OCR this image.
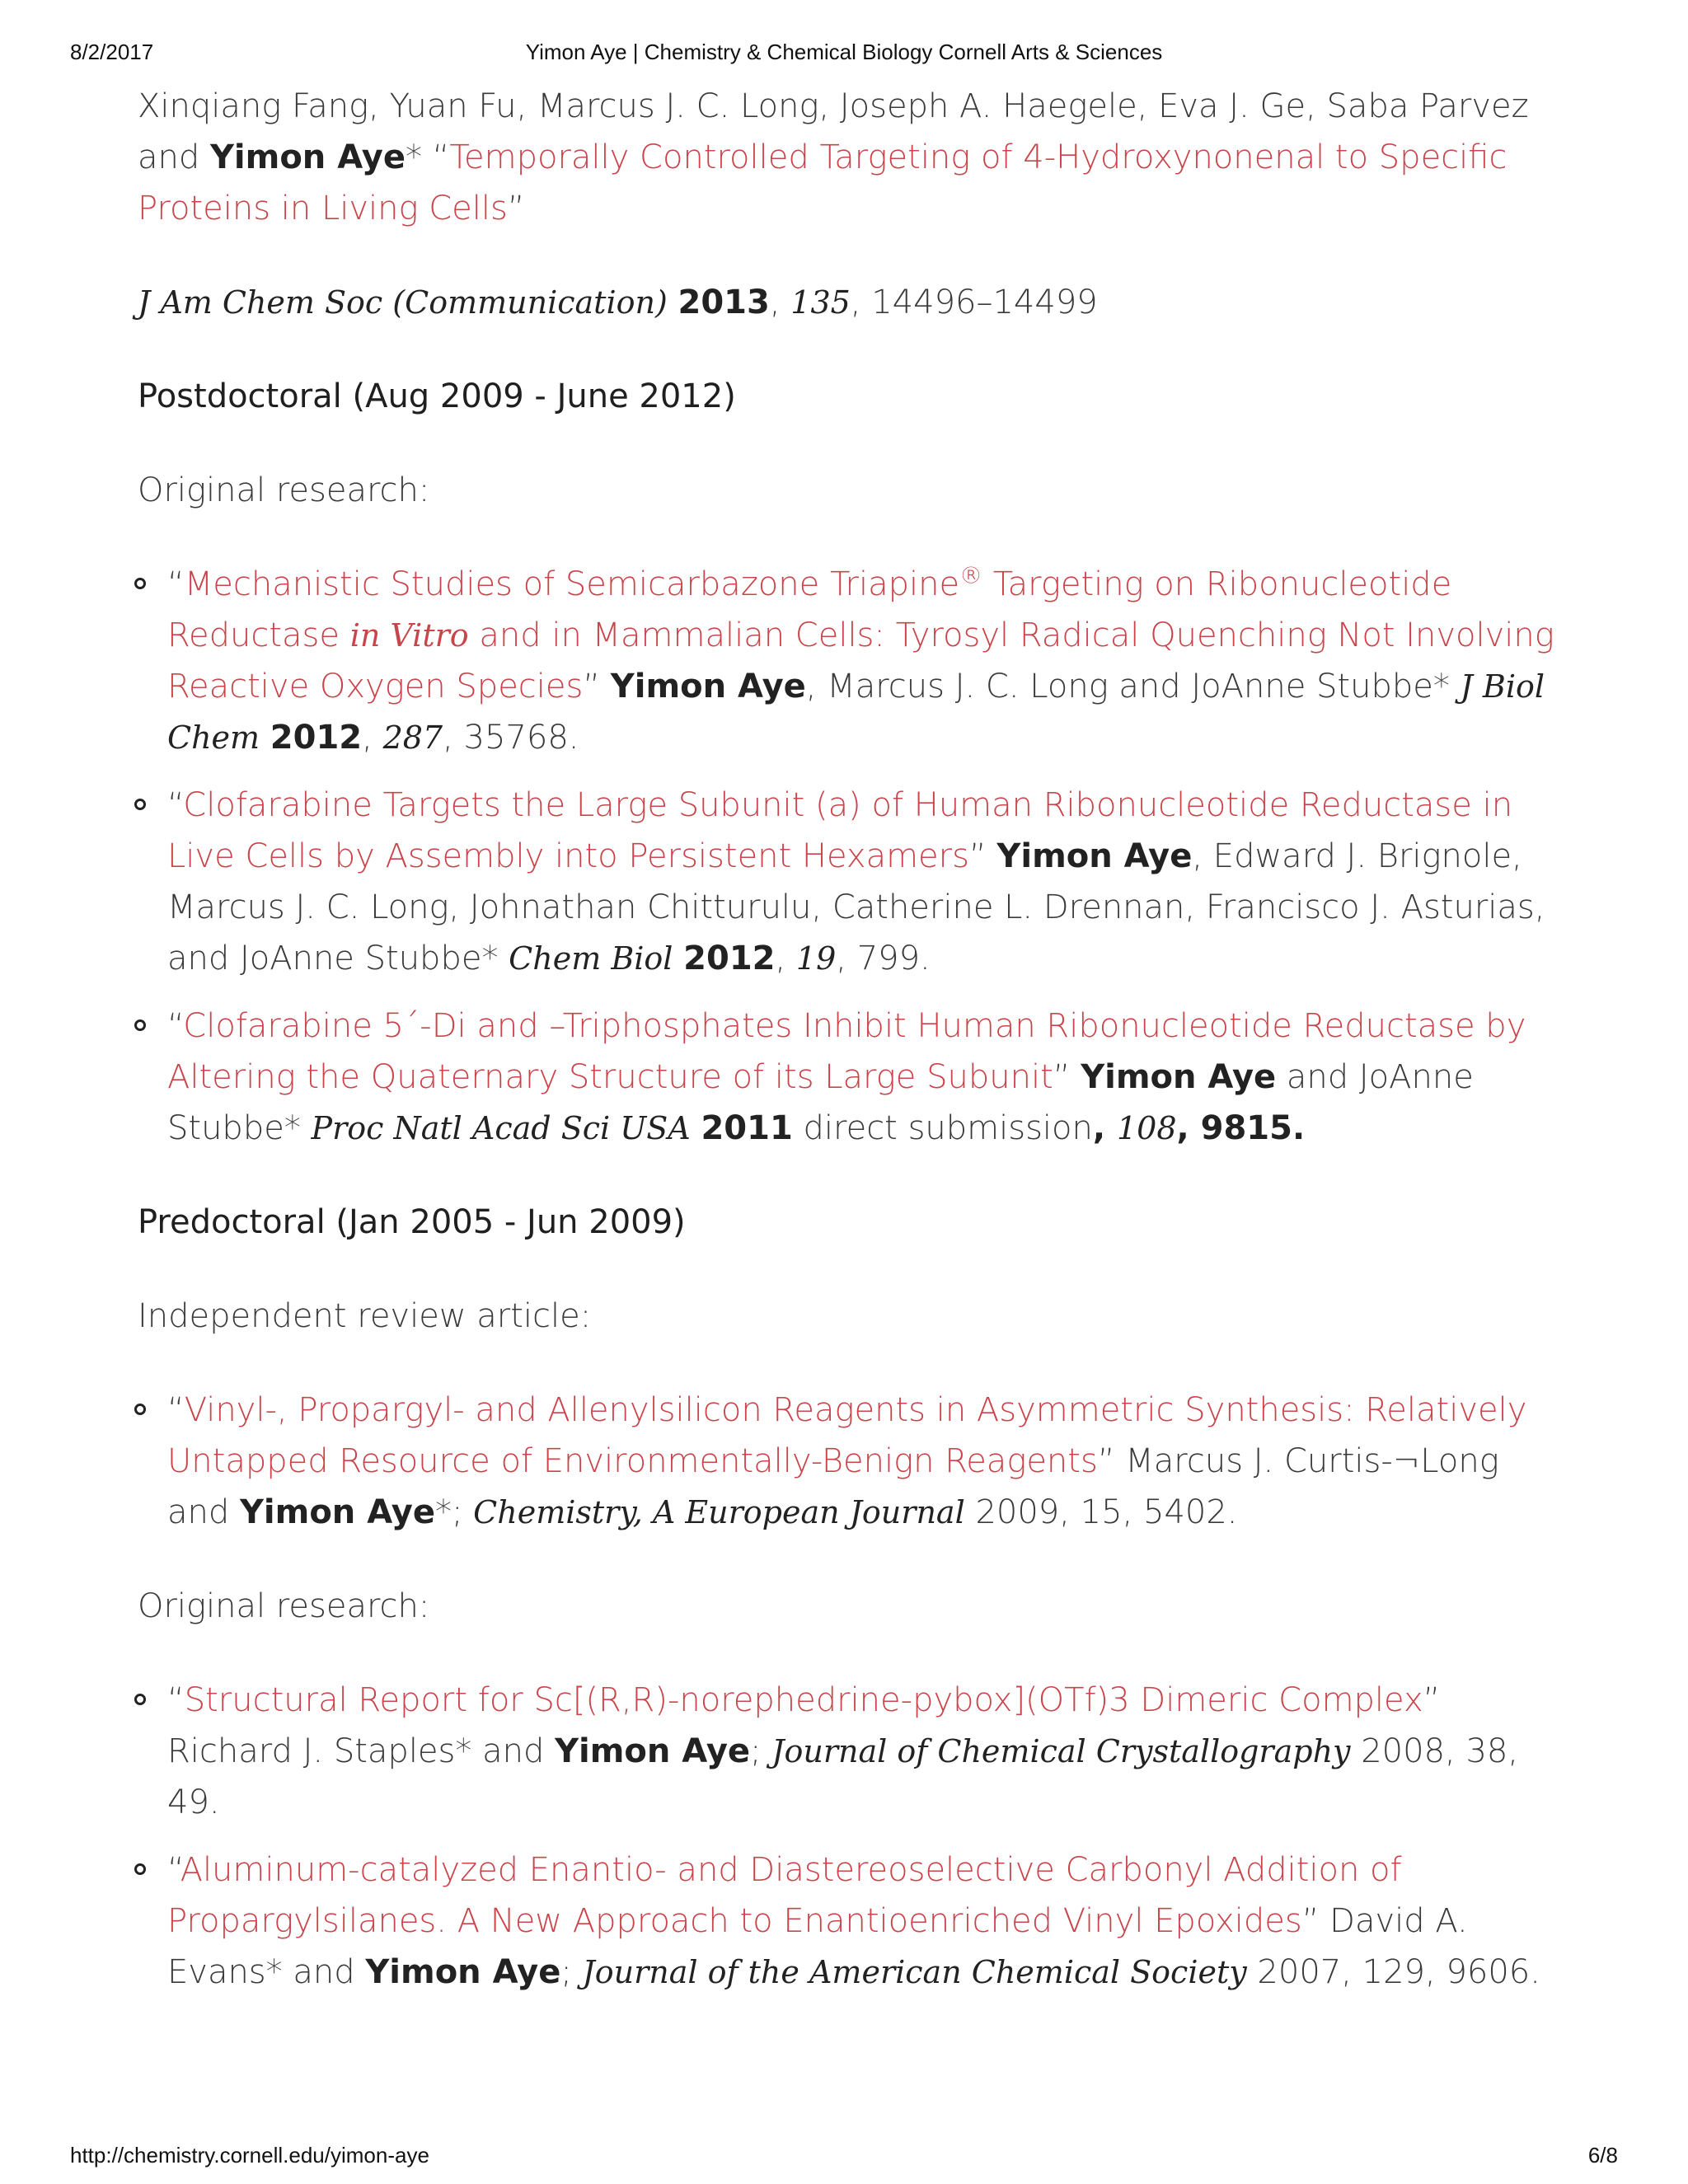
8/2/2017	Yimon Aye | Chemistry & Chemical Biology Cornell Arts & Sciences

Xinqiang Fang, Yuan Fu, Marcus J. C. Long, Joseph A. Haegele, Eva J. Ge, Saba Parvez and Yimon Aye* “Temporally Controlled Targeting of 4-Hydroxynonenal to Specific Proteins in Living Cells”

J Am Chem Soc (Communication) 2013, 135, 14496–14499

Postdoctoral (Aug 2009 - June 2012)

Original research:

“Mechanistic Studies of Semicarbazone Triapine® Targeting on Ribonucleotide Reductase in Vitro and in Mammalian Cells: Tyrosyl Radical Quenching Not Involving Reactive Oxygen Species” Yimon Aye, Marcus J. C. Long and JoAnne Stubbe* J Biol Chem 2012, 287, 35768.
“Clofarabine Targets the Large Subunit (a) of Human Ribonucleotide Reductase in Live Cells by Assembly into Persistent Hexamers” Yimon Aye, Edward J. Brignole, Marcus J. C. Long, Johnathan Chitturulu, Catherine L. Drennan, Francisco J. Asturias, and JoAnne Stubbe* Chem Biol 2012, 19, 799.
“Clofarabine 5´-Di and –Triphosphates Inhibit Human Ribonucleotide Reductase by Altering the Quaternary Structure of its Large Subunit” Yimon Aye and JoAnne Stubbe* Proc Natl Acad Sci USA 2011 direct submission, 108, 9815.
Predoctoral (Jan 2005 - Jun 2009)

Independent review article:

“Vinyl-, Propargyl- and Allenylsilicon Reagents in Asymmetric Synthesis: Relatively Untapped Resource of Environmentally-Benign Reagents” Marcus J. Curtis-¬Long and Yimon Aye*; Chemistry, A European Journal 2009, 15, 5402.

Original research:

“Structural Report for Sc[(R,R)-norephedrine-pybox](OTf)3 Dimeric Complex” Richard J. Staples* and Yimon Aye; Journal of Chemical Crystallography 2008, 38, 49.
“Aluminum-catalyzed Enantio- and Diastereoselective Carbonyl Addition of Propargylsilanes. A New Approach to Enantioenriched Vinyl Epoxides” David A. Evans* and Yimon Aye; Journal of the American Chemical Society 2007, 129, 9606.
http://chemistry.cornell.edu/yimon-aye	6/8
